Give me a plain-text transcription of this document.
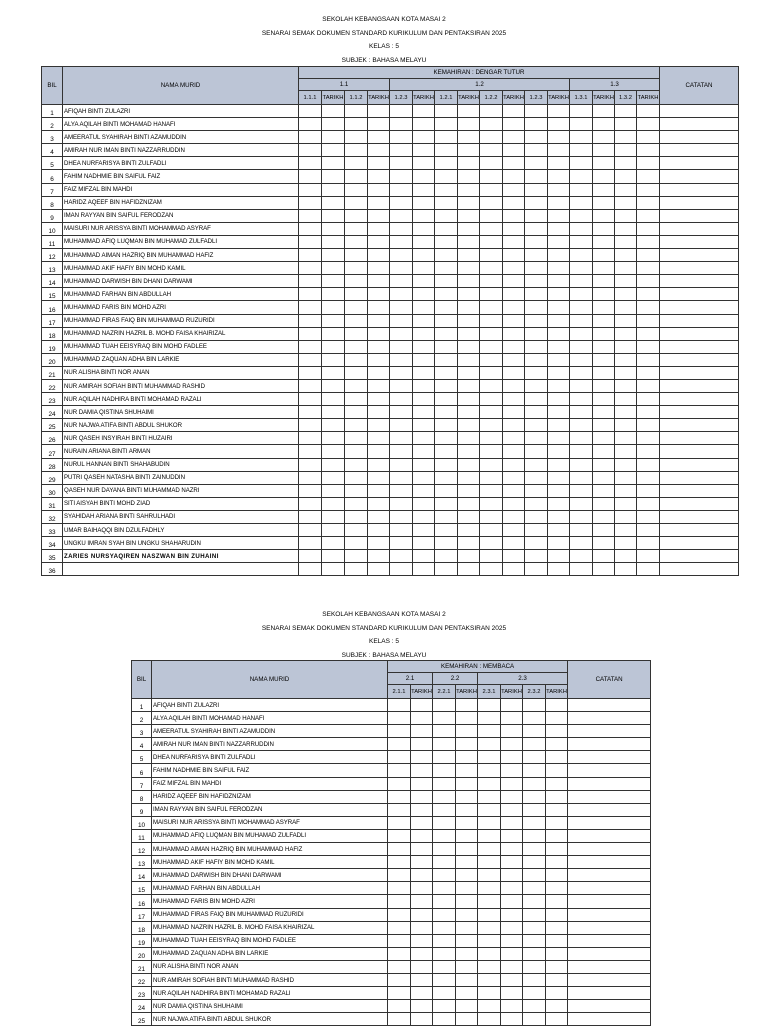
SEKOLAH KEBANGSAAN KOTA MASAI 2
SENARAI SEMAK DOKUMEN STANDARD KURIKULUM DAN PENTAKSIRAN 2025
KELAS : 5
SUBJEK : BAHASA MELAYU
BIL	NAMA MURID	KEMAHIRAN : DENGAR TUTUR																CATATAN
		1.1				1.2								1.3				
		1.1.1	TARIKH	1.1.2	TARIKH	1.2.3	TARIKH	1.2.1	TARIKH	1.2.2	TARIKH	1.2.3	TARIKH	1.3.1	TARIKH	1.3.2	TARIKH	
1	AFIQAH BINTI ZULAZRI																	
2	ALYA AQILAH BINTI MOHAMAD HANAFI																	
3	AMEERATUL SYAHIRAH BINTI AZAMUDDIN																	
4	AMIRAH NUR IMAN BINTI NAZZARRUDDIN																	
5	DHEA NURFARISYA BINTI ZULFADLI																	
6	FAHIM NADHMIE BIN SAIFUL FAIZ																	
7	FAIZ MIFZAL BIN MAHDI																	
8	HARIDZ AQEEF BIN HAFIDZNIZAM																	
9	IMAN RAYYAN BIN SAIFUL FERODZAN																	
10	MAISURI NUR ARISSYA BINTI MOHAMMAD ASYRAF																	
11	MUHAMMAD AFIQ LUQMAN BIN MUHAMAD ZULFADLI																	
12	MUHAMMAD AIMAN HAZRIQ BIN MUHAMMAD HAFIZ																	
13	MUHAMMAD AKIF HAFIY BIN MOHD KAMIL																	
14	MUHAMMAD DARWISH BIN DHANI DARWAMI																	
15	MUHAMMAD FARHAN BIN ABDULLAH																	
16	MUHAMMAD FARIS BIN MOHD AZRI																	
17	MUHAMMAD FIRAS FAIQ BIN MUHAMMAD RUZURIDI																	
18	MUHAMMAD NAZRIN HAZRIL B. MOHD FAISA KHAIRIZAL																	
19	MUHAMMAD TUAH EEISYRAQ BIN MOHD FADLEE																	
20	MUHAMMAD ZAQUAN ADHA BIN LARKIE																	
21	NUR ALISHA BINTI NOR ANAN																	
22	NUR AMIRAH SOFIAH BINTI MUHAMMAD RASHID																	
23	NUR AQILAH NADHIRA BINTI MOHAMAD RAZALI																	
24	NUR DAMIA QISTINA SHUHAIMI																	
25	NUR NAJWA ATIFA BINTI ABDUL SHUKOR																	
26	NUR QASEH INSYIRAH BINTI HUZAIRI																	
27	NURAIN ARIANA BINTI ARMAN																	
28	NURUL HANNAN BINTI SHAHABUDIN																	
29	PUTRI QASEH NATASHA BINTI ZAINUDDIN																	
30	QASEH NUR DAYANA BINTI MUHAMMAD NAZRI																	
31	SITI AISYAH BINTI MOHD ZIAD																	
32	SYAHIDAH ARIANA BINTI SAHRULHADI																	
33	UMAR BAIHAQQI BIN DZULFADHLY																	
34	UNGKU IMRAN SYAH BIN UNGKU SHAHARUDIN																	
35	ZARIES NURSYAQIREN NASZWAN BIN ZUHAINI																	
36																		
SEKOLAH KEBANGSAAN KOTA MASAI 2
SENARAI SEMAK DOKUMEN STANDARD KURIKULUM DAN PENTAKSIRAN 2025
KELAS : 5
SUBJEK : BAHASA MELAYU
BIL	NAMA MURID	KEMAHIRAN : MEMBACA								CATATAN
		2.1		2.2		2.3				
		2.1.1	TARIKH	2.2.1	TARIKH	2.3.1	TARIKH	2.3.2	TARIKH	
1	AFIQAH BINTI ZULAZRI									
2	ALYA AQILAH BINTI MOHAMAD HANAFI									
3	AMEERATUL SYAHIRAH BINTI AZAMUDDIN									
4	AMIRAH NUR IMAN BINTI NAZZARRUDDIN									
5	DHEA NURFARISYA BINTI ZULFADLI									
6	FAHIM NADHMIE BIN SAIFUL FAIZ									
7	FAIZ MIFZAL BIN MAHDI									
8	HARIDZ AQEEF BIN HAFIDZNIZAM									
9	IMAN RAYYAN BIN SAIFUL FERODZAN									
10	MAISURI NUR ARISSYA BINTI MOHAMMAD ASYRAF									
11	MUHAMMAD AFIQ LUQMAN BIN MUHAMAD ZULFADLI									
12	MUHAMMAD AIMAN HAZRIQ BIN MUHAMMAD HAFIZ									
13	MUHAMMAD AKIF HAFIY BIN MOHD KAMIL									
14	MUHAMMAD DARWISH BIN DHANI DARWAMI									
15	MUHAMMAD FARHAN BIN ABDULLAH									
16	MUHAMMAD FARIS BIN MOHD AZRI									
17	MUHAMMAD FIRAS FAIQ BIN MUHAMMAD RUZURIDI									
18	MUHAMMAD NAZRIN HAZRIL B. MOHD FAISA KHAIRIZAL									
19	MUHAMMAD TUAH EEISYRAQ BIN MOHD FADLEE									
20	MUHAMMAD ZAQUAN ADHA BIN LARKIE									
21	NUR ALISHA BINTI NOR ANAN									
22	NUR AMIRAH SOFIAH BINTI MUHAMMAD RASHID									
23	NUR AQILAH NADHIRA BINTI MOHAMAD RAZALI									
24	NUR DAMIA QISTINA SHUHAIMI									
25	NUR NAJWA ATIFA BINTI ABDUL SHUKOR									
